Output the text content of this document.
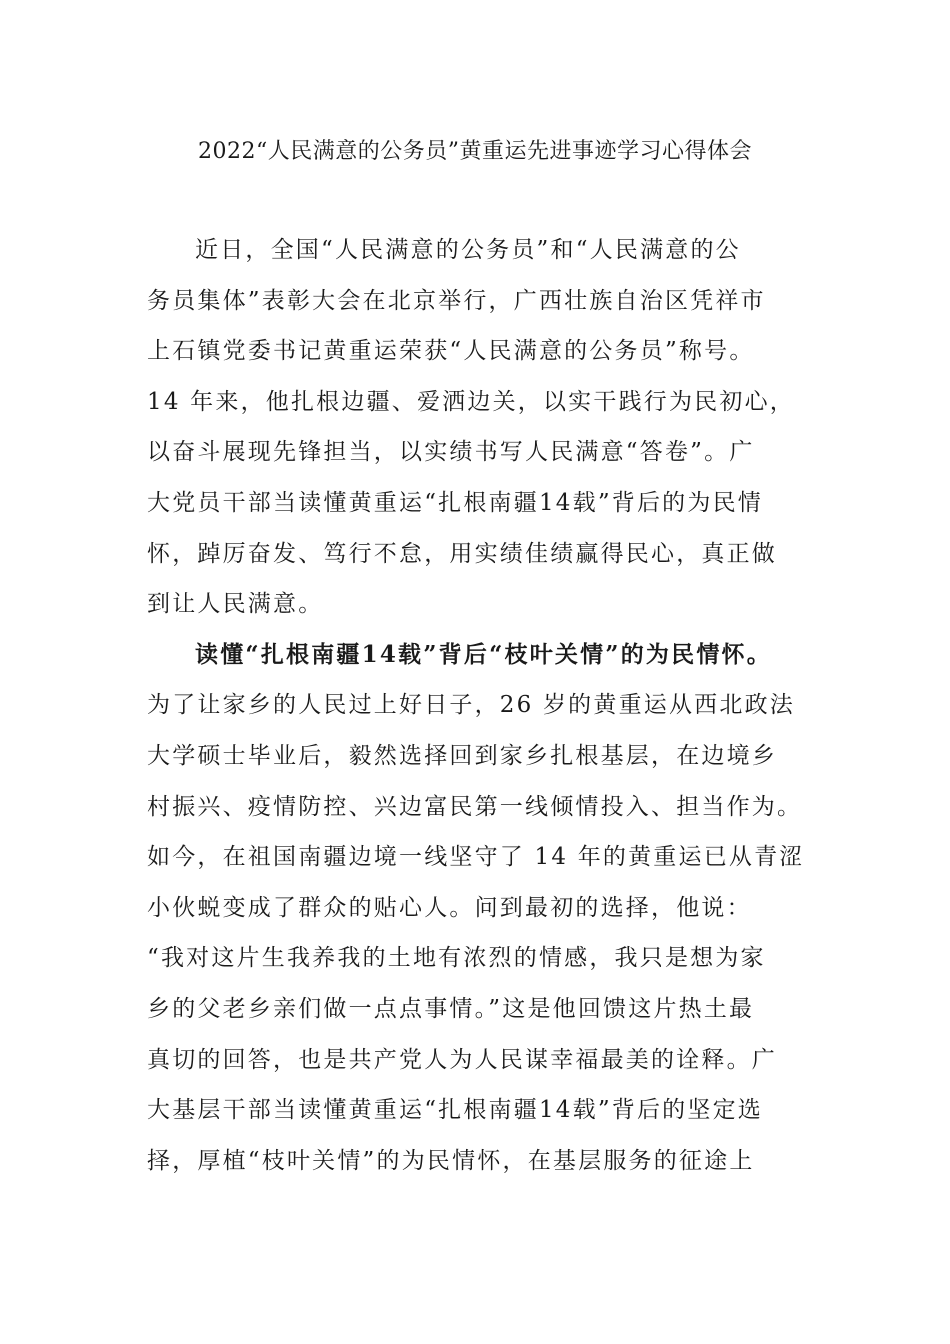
2022“人民满意的公务员”黄重运先进事迹学习心得体会
近日，全国“人民满意的公务员”和“人民满意的公
务员集体”表彰大会在北京举行，广西壮族自治区凭祥市
上石镇党委书记黄重运荣获“人民满意的公务员”称号。
14 年来，他扎根边疆、爱洒边关，以实干践行为民初心，
以奋斗展现先锋担当，以实绩书写人民满意“答卷”。广
大党员干部当读懂黄重运“扎根南疆14载”背后的为民情
怀，踔厉奋发、笃行不怠，用实绩佳绩赢得民心，真正做
到让人民满意。
读懂“扎根南疆14载”背后“枝叶关情”的为民情怀。
为了让家乡的人民过上好日子，26 岁的黄重运从西北政法
大学硕士毕业后，毅然选择回到家乡扎根基层，在边境乡
村振兴、疫情防控、兴边富民第一线倾情投入、担当作为。
如今，在祖国南疆边境一线坚守了 14 年的黄重运已从青涩
小伙蜕变成了群众的贴心人。问到最初的选择，他说：
“我对这片生我养我的土地有浓烈的情感，我只是想为家
乡的父老乡亲们做一点点事情。”这是他回馈这片热土最
真切的回答，也是共产党人为人民谋幸福最美的诠释。广
大基层干部当读懂黄重运“扎根南疆14载”背后的坚定选
择，厚植“枝叶关情”的为民情怀，在基层服务的征途上
